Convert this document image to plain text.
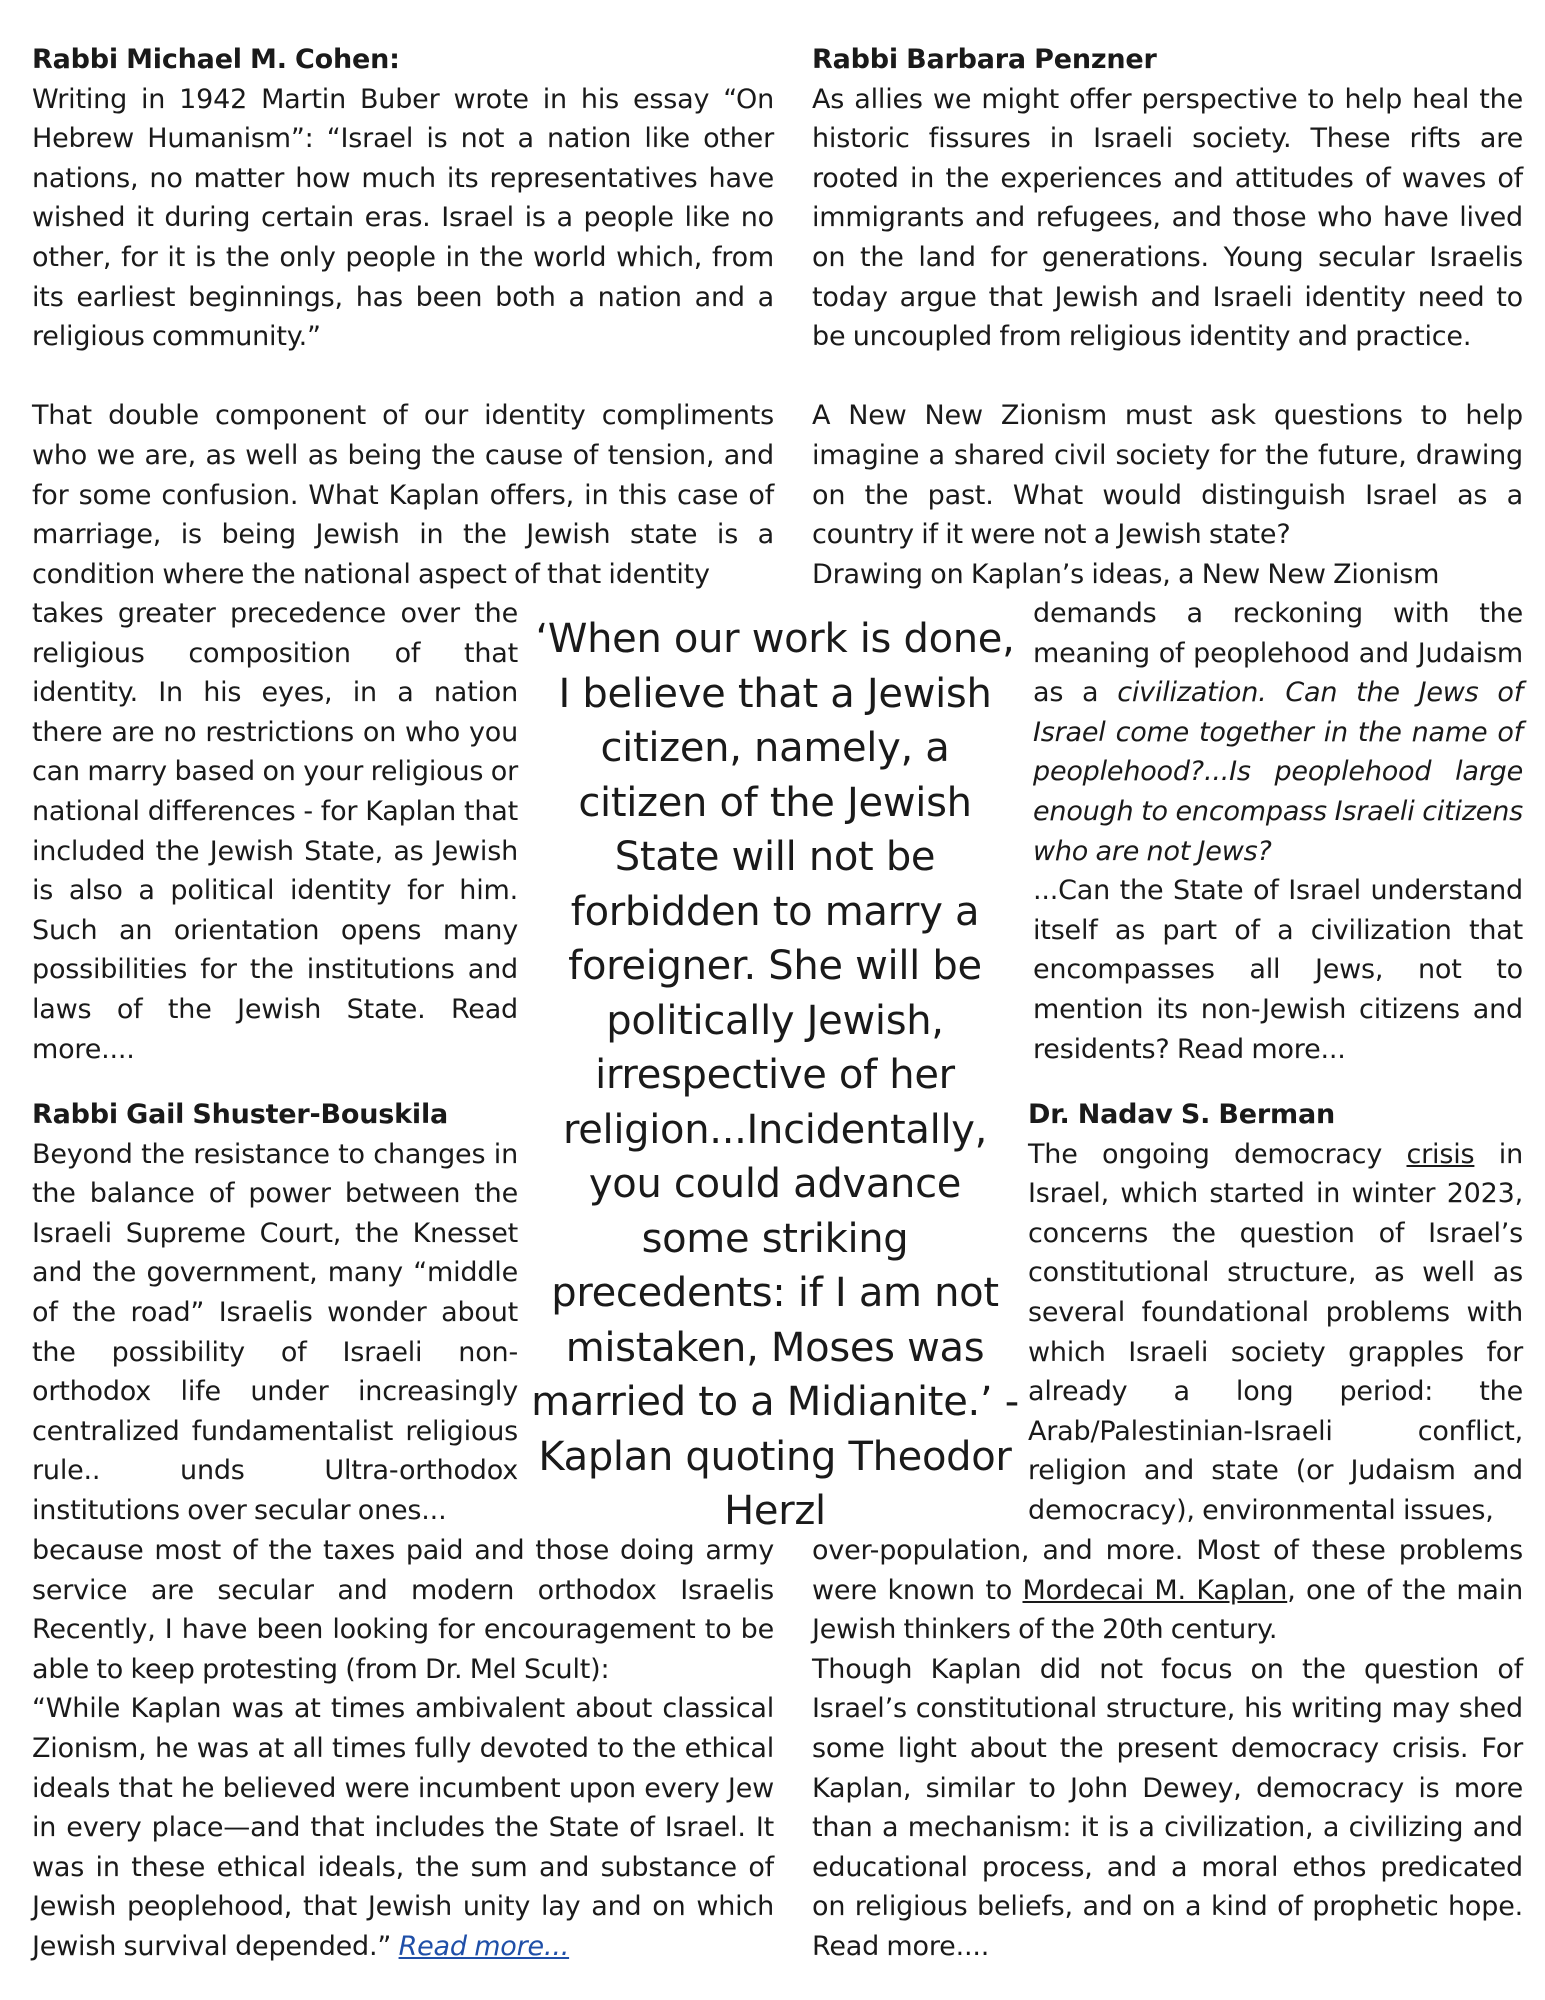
Rabbi Michael M. Cohen:

Writing in 1942 Martin Buber wrote in his essay “On Hebrew Humanism”: “Israel is not a nation like other nations, no matter how much its representatives have wished it during certain eras. Israel is a people like no other, for it is the only people in the world which, from its earliest beginnings, has been both a nation and a religious community.”

That double component of our identity compliments who we are, as well as being the cause of tension, and for some confusion. What Kaplan offers, in this case of marriage, is being Jewish in the Jewish state is a condition where the national aspect of that identity

takes greater precedence over the religious composition of that identity. In his eyes, in a nation there are no restrictions on who you can marry based on your religious or national differences - for Kaplan that included the Jewish State, as Jewish is also a political identity for him. Such an orientation opens many possibilities for the institutions and laws of the Jewish State. Read more....

Rabbi Gail Shuster-Bouskila

Beyond the resistance to changes in the balance of power between the Israeli Supreme Court, the Knesset and the government, many “middle of the road” Israelis wonder about the possibility of Israeli non-orthodox life under increasingly centralized fundamentalist religious rule.. unds Ultra-orthodox institutions over secular ones...

because most of the taxes paid and those doing army service are secular and modern orthodox Israelis Recently, I have been looking for encouragement to be able to keep protesting (from Dr. Mel Scult):

“While Kaplan was at times ambivalent about classical Zionism, he was at all times fully devoted to the ethical ideals that he believed were incumbent upon every Jew in every place—and that includes the State of Israel. It was in these ethical ideals, the sum and substance of Jewish peoplehood, that Jewish unity lay and on which Jewish survival depended.” Read more...

Rabbi Barbara Penzner

As allies we might offer perspective to help heal the historic fissures in Israeli society. These rifts are rooted in the experiences and attitudes of waves of immigrants and refugees, and those who have lived on the land for generations. Young secular Israelis today argue that Jewish and Israeli identity need to be uncoupled from religious identity and practice.

A New New Zionism must ask questions to help imagine a shared civil society for the future, drawing on the past. What would distinguish Israel as a country if it were not a Jewish state?

Drawing on Kaplan’s ideas, a New New Zionism

demands a reckoning with the meaning of peoplehood and Judaism as a civilization. Can the Jews of Israel come together in the name of peoplehood?...Is peoplehood large enough to encompass Israeli citizens who are not Jews?

...Can the State of Israel understand itself as part of a civilization that encompasses all Jews, not to mention its non-Jewish citizens and residents? Read more...

Dr. Nadav S. Berman

The ongoing democracy crisis in Israel, which started in winter 2023, concerns the question of Israel’s constitutional structure, as well as several foundational problems with which Israeli society grapples for already a long period: the Arab/Palestinian-Israeli conflict, religion and state (or Judaism and democracy), environmental issues,

over-population, and more. Most of these problems were known to Mordecai M. Kaplan, one of the main Jewish thinkers of the 20th century.

Though Kaplan did not focus on the question of Israel’s constitutional structure, his writing may shed some light about the present democracy crisis. For Kaplan, similar to John Dewey, democracy is more than a mechanism: it is a civilization, a civilizing and educational process, and a moral ethos predicated on religious beliefs, and on a kind of prophetic hope. Read more....

‘When our work is done, I believe that a Jewish citizen, namely, a citizen of the Jewish State will not be forbidden to marry a foreigner. She will be politically Jewish, irrespective of her religion...Incidentally, you could advance some striking precedents: if I am not mistaken, Moses was married to a Midianite.’ -Kaplan quoting Theodor Herzl
